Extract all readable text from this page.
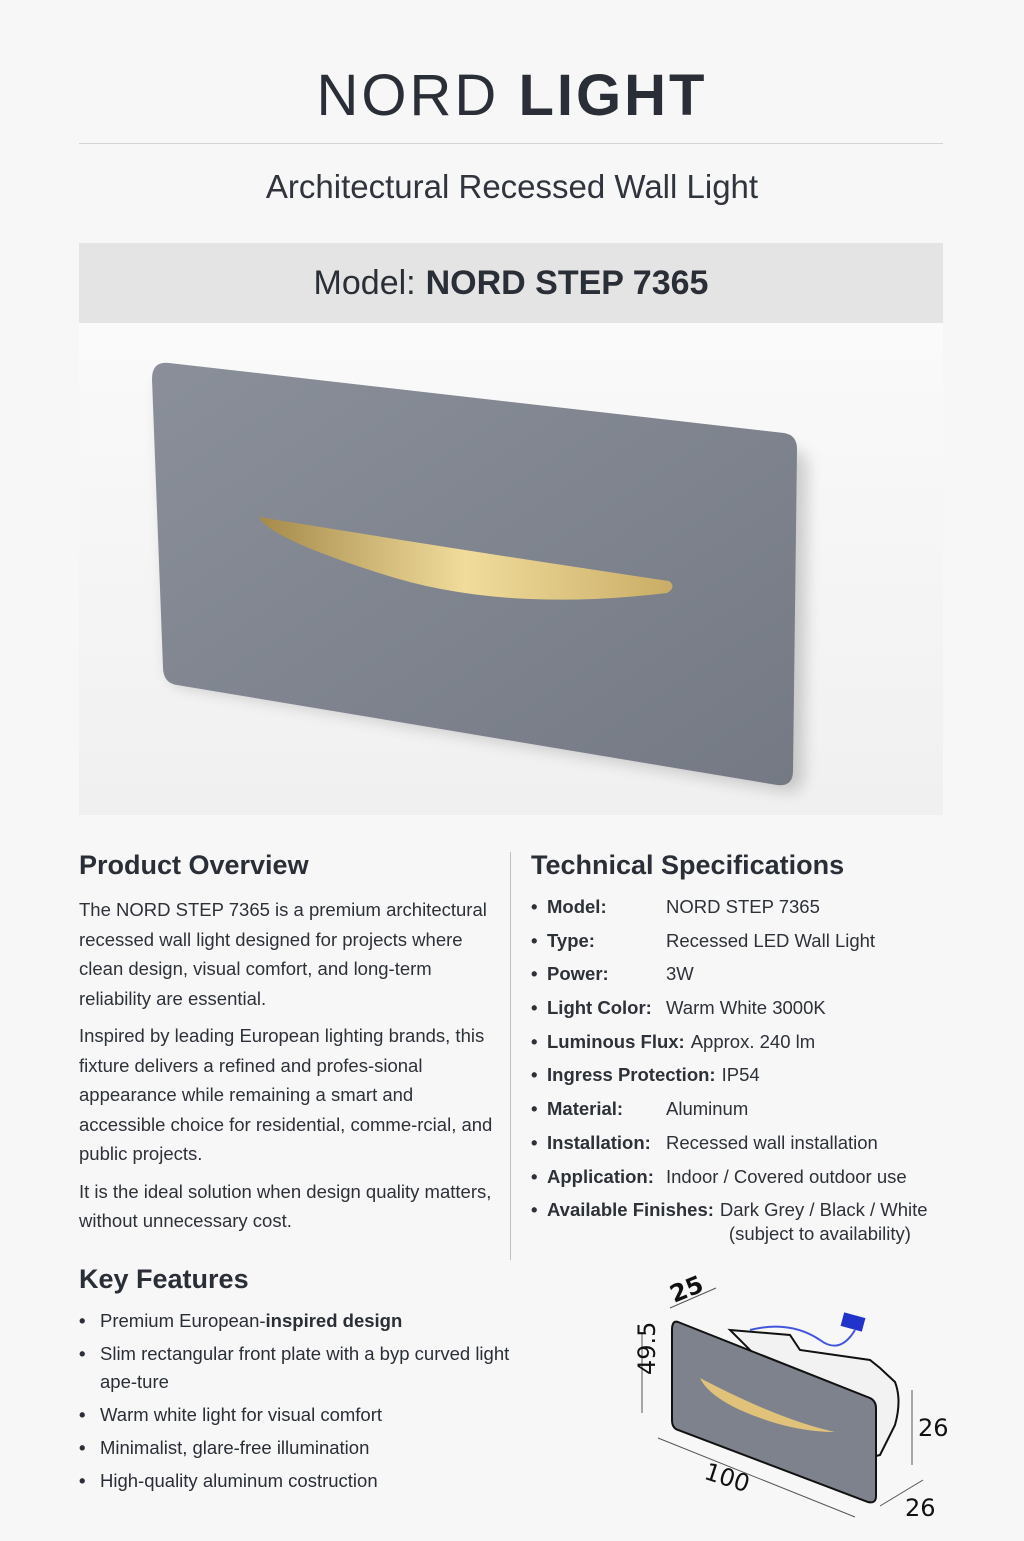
NORD LIGHT
Architectural Recessed Wall Light
Model: NORD STEP 7365
Product Overview

The NORD STEP 7365 is a premium architectural recessed wall light designed for projects where clean design, visual comfort, and long-term reliability are essential.

Inspired by leading European lighting brands, this fixture delivers a refined and profes-sional appearance while remaining a smart and accessible choice for residential, comme-rcial, and public projects.

It is the ideal solution when design quality matters, without unnecessary cost.

Key Features
• Premium European-inspired design
• Slim rectangular front plate with a byp curved light ape-ture
• Warm white light for visual comfort
• Minimalist, glare-free illumination
• High-quality aluminum costruction
Technical Specifications
• Model:	NORD STEP 7365
• Type:	Recessed LED Wall Light
• Power:	3W
• Light Color: Warm White 3000K
• Luminous Flux: Approx. 240 lm
• Ingress Protection: IP54
• Material:	Aluminum
• Installation: Recessed wall installation
• Application: Indoor / Covered outdoor use
• Available Finishes: Dark Grey / Black / White
(subject to availability)
25
49.5
100
26
26
